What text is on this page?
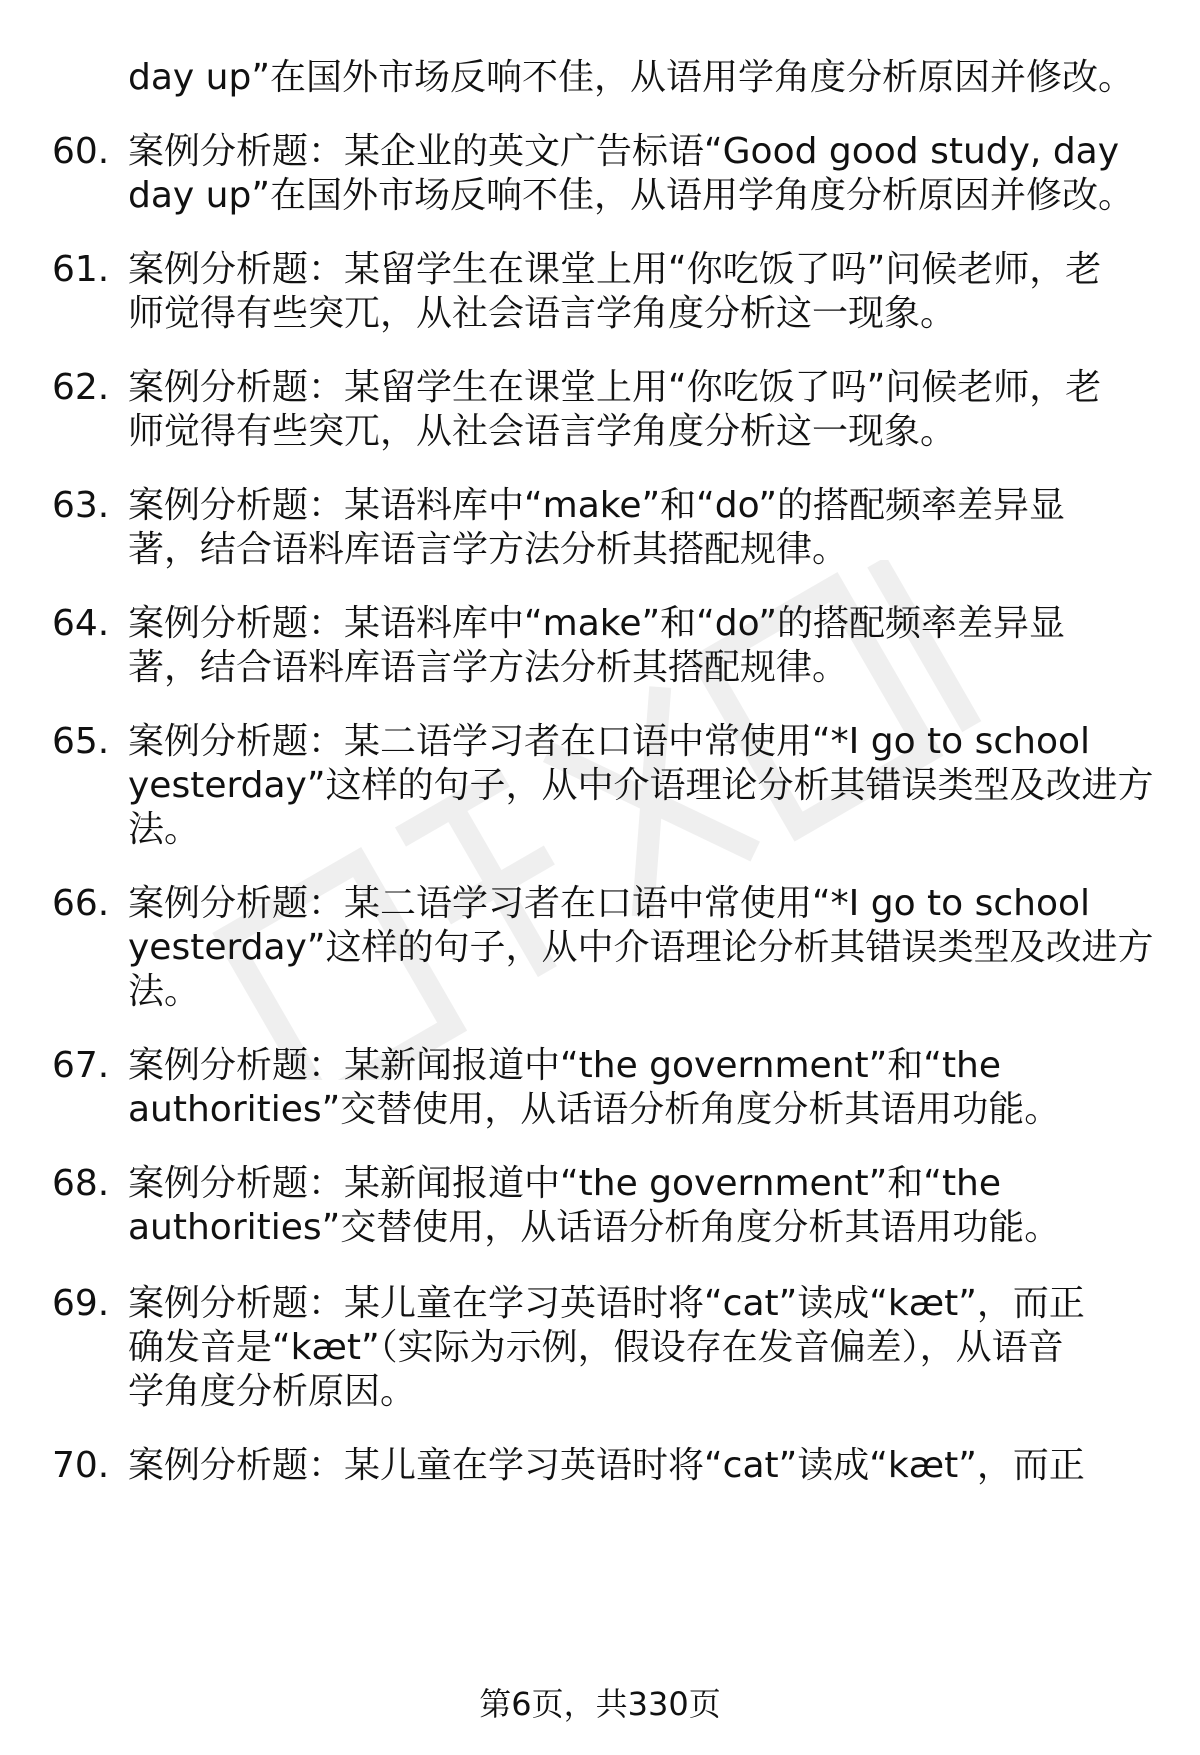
day up”在国外市场反响不佳，从语用学角度分析原因并修改。
60. 案例分析题：某企业的英文广告标语“Good good study, day
day up”在国外市场反响不佳，从语用学角度分析原因并修改。
61. 案例分析题：某留学生在课堂上用“你吃饭了吗”问候老师，老
师觉得有些突兀，从社会语言学角度分析这一现象。
62. 案例分析题：某留学生在课堂上用“你吃饭了吗”问候老师，老
师觉得有些突兀，从社会语言学角度分析这一现象。
63. 案例分析题：某语料库中“make”和“do”的搭配频率差异显
著，结合语料库语言学方法分析其搭配规律。
64. 案例分析题：某语料库中“make”和“do”的搭配频率差异显
著，结合语料库语言学方法分析其搭配规律。
65. 案例分析题：某二语学习者在口语中常使用“*I go to school
yesterday”这样的句子，从中介语理论分析其错误类型及改进方
法。
66. 案例分析题：某二语学习者在口语中常使用“*I go to school
yesterday”这样的句子，从中介语理论分析其错误类型及改进方
法。
67. 案例分析题：某新闻报道中“the government”和“the
authorities”交替使用，从话语分析角度分析其语用功能。
68. 案例分析题：某新闻报道中“the government”和“the
authorities”交替使用，从话语分析角度分析其语用功能。
69. 案例分析题：某儿童在学习英语时将“cat”读成“kæt”，而正
确发音是“kæt”（实际为示例，假设存在发音偏差），从语音
学角度分析原因。
70. 案例分析题：某儿童在学习英语时将“cat”读成“kæt”，而正
第6页，共330页
